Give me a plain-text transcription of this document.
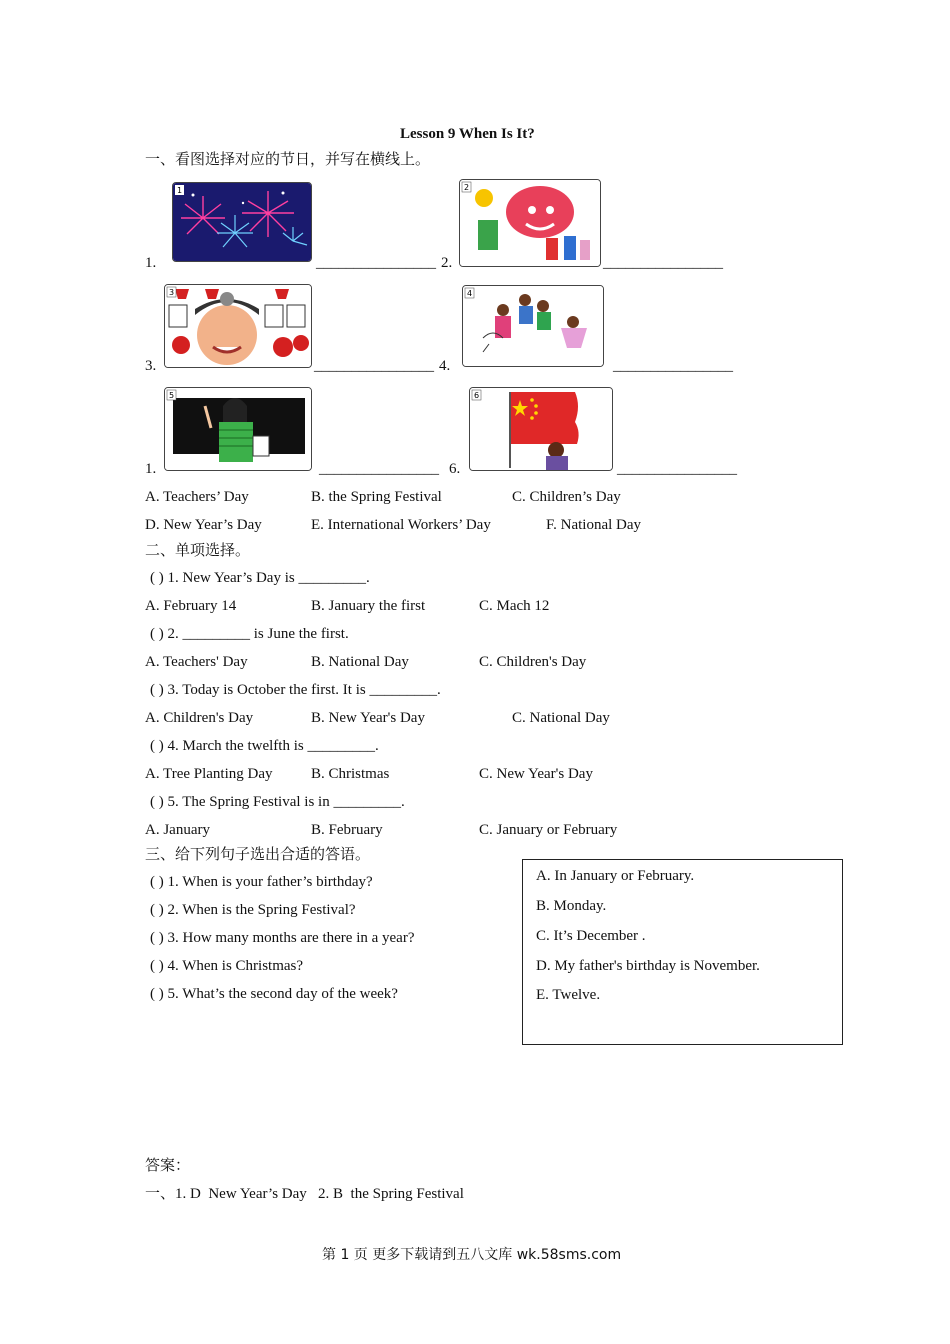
Lesson 9 When Is It?
一、看图选择对应的节日，并写在横线上。
1
1.	________________ 2.
2
________________
3
3.	________________ 4.
4
________________
5
1.	________________ 6.
6
________________
A. Teachers’ Day	B. the Spring Festival	C. Children’s Day
D. New Year’s Day	E. International Workers’ Day	F. National Day
二、单项选择。
( ) 1. New Year’s Day is _________.
A. February 14	B. January the first	C. Mach 12
( ) 2. _________ is June the first.
A. Teachers' Day	B. National Day	C. Children's Day
( ) 3. Today is October the first. It is _________.
A. Children's Day	B. New Year's Day	C. National Day
( ) 4. March the twelfth is _________.
A. Tree Planting Day	B. Christmas	C. New Year's Day
( ) 5. The Spring Festival is in _________.
A. January	B. February	C. January or February
三、给下列句子选出合适的答语。
( ) 1. When is your father’s birthday?
( ) 2. When is the Spring Festival?
( ) 3. How many months are there in a year?
( ) 4. When is Christmas?
( ) 5. What’s the second day of the week?
A. In January or February.
B. Monday.
C. It’s December .
D. My father's birthday is November.
E. Twelve.
答案：
一、1. D  New Year’s Day   2. B  the Spring Festival
第 1 页 更多下载请到五八文库 wk.58sms.com
